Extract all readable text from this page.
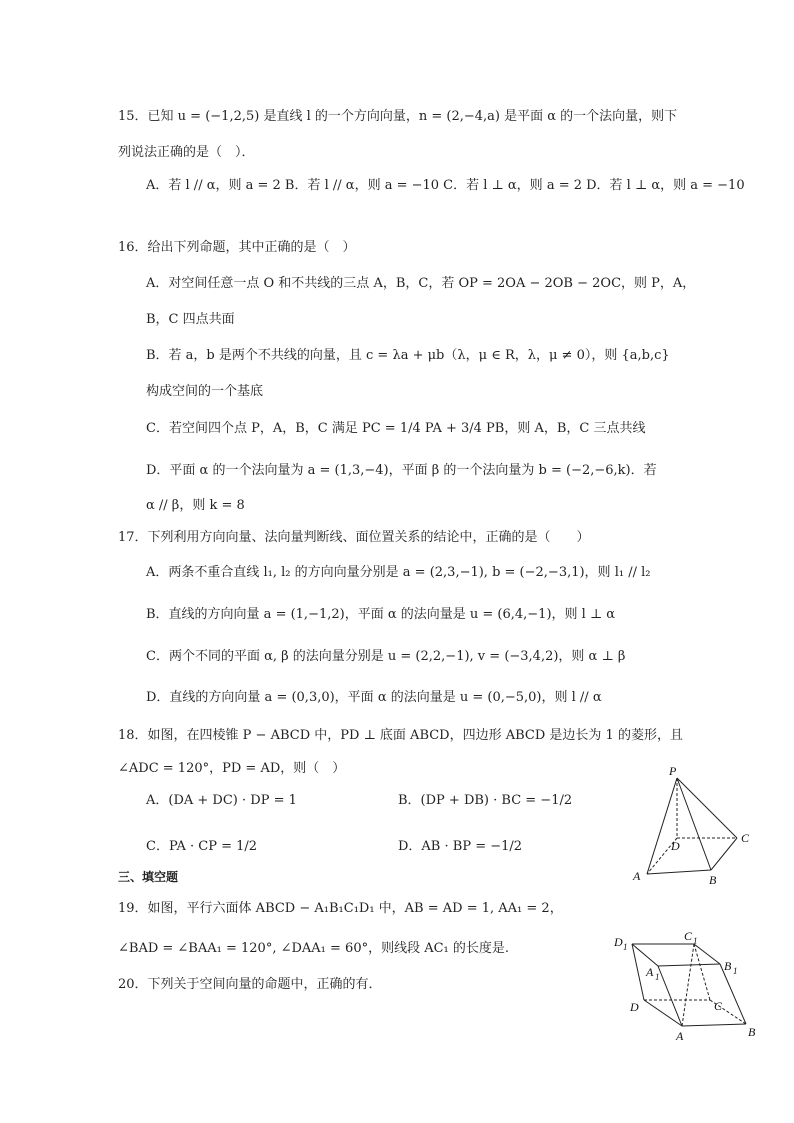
15．已知 u = (−1,2,5) 是直线 l 的一个方向向量，n = (2,−4,a) 是平面 α 的一个法向量，则下
列说法正确的是（　）．
A．若 l // α，则 a = 2 B．若 l // α，则 a = −10 C．若 l ⊥ α，则 a = 2 D．若 l ⊥ α，则 a = −10
16．给出下列命题，其中正确的是（　）
A．对空间任意一点 O 和不共线的三点 A，B，C，若 OP = 2OA − 2OB − 2OC，则 P，A，
B，C 四点共面
B．若 a，b 是两个不共线的向量，且 c = λa + μb（λ，μ ∈ R，λ，μ ≠ 0），则 {a,b,c}
构成空间的一个基底
C．若空间四个点 P，A，B，C 满足 PC = 1/4 PA + 3/4 PB，则 A，B，C 三点共线
D．平面 α 的一个法向量为 a = (1,3,−4)，平面 β 的一个法向量为 b = (−2,−6,k)．若
α // β，则 k = 8
17．下列利用方向向量、法向量判断线、面位置关系的结论中，正确的是（　　）
A．两条不重合直线 l₁, l₂ 的方向向量分别是 a = (2,3,−1), b = (−2,−3,1)，则 l₁ // l₂
B．直线的方向向量 a = (1,−1,2)，平面 α 的法向量是 u = (6,4,−1)，则 l ⊥ α
C．两个不同的平面 α, β 的法向量分别是 u = (2,2,−1), v = (−3,4,2)，则 α ⊥ β
D．直线的方向向量 a = (0,3,0)，平面 α 的法向量是 u = (0,−5,0)，则 l // α
18．如图，在四棱锥 P − ABCD 中，PD ⊥ 底面 ABCD，四边形 ABCD 是边长为 1 的菱形，且
∠ADC = 120°，PD = AD，则（　）
A．(DA + DC) · DP = 1	B．(DP + DB) · BC = −1/2
C．PA · CP = 1/2	D．AB · BP = −1/2
P
C
D
A	B
三、填空题
19．如图，平行六面体 ABCD − A₁B₁C₁D₁ 中，AB = AD = 1, AA₁ = 2，
∠BAD = ∠BAA₁ = 120°, ∠DAA₁ = 60°，则线段 AC₁ 的长度是.	D 1
C 1
B 1
A 1
D	C
A	B
20．下列关于空间向量的命题中，正确的有．
